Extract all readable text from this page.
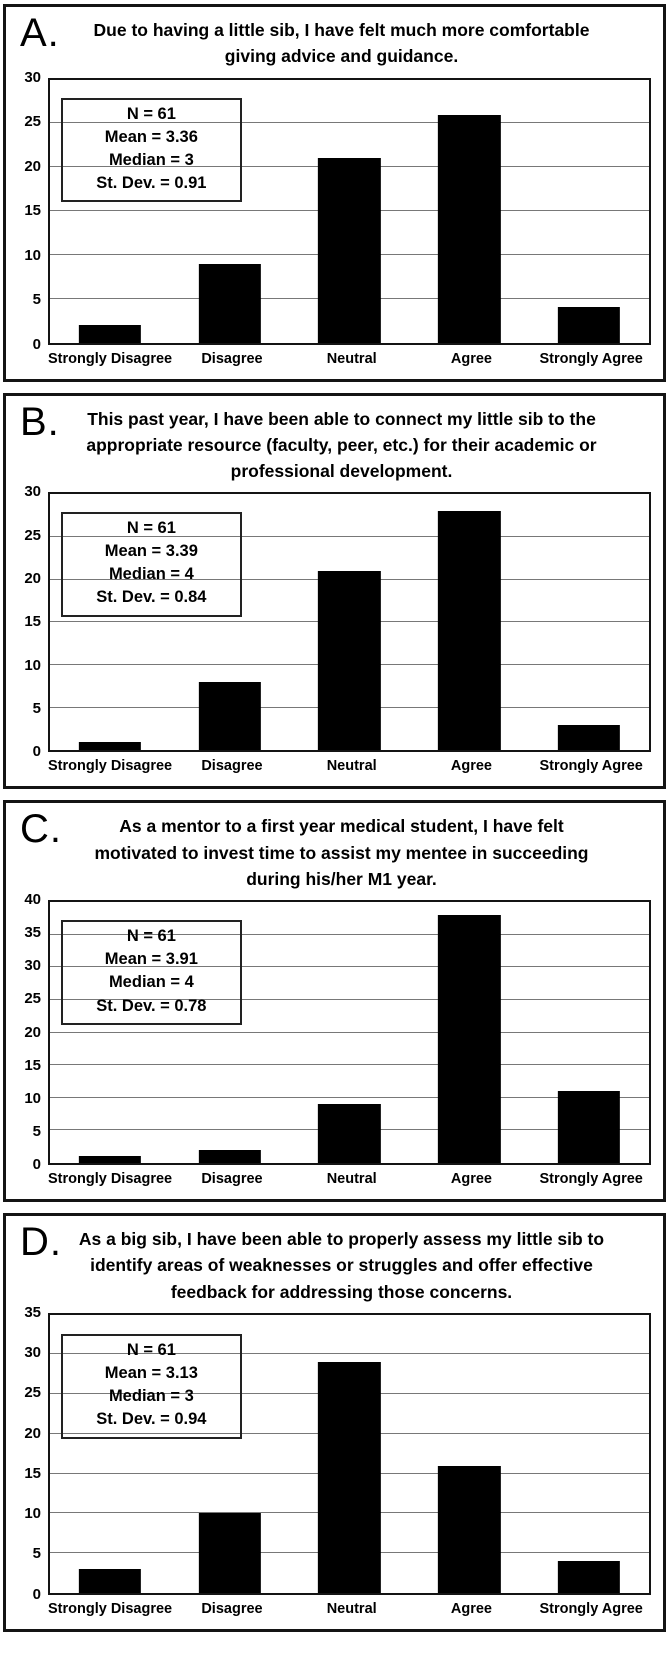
A.	Due to having a little sib, I have felt much more comfortable giving advice and guidance.
0
5
10
15
20
25
30
N = 61
Mean = 3.36
Median = 3
St. Dev. = 0.91
Strongly Disagree	Disagree	Neutral	Agree	Strongly Agree
B.	This past year, I have been able to connect my little sib to the appropriate resource (faculty, peer, etc.) for their academic or professional development.
0
5
10
15
20
25
30
N = 61
Mean = 3.39
Median = 4
St. Dev. = 0.84
Strongly Disagree	Disagree	Neutral	Agree	Strongly Agree
C.	As a mentor to a first year medical student, I have felt motivated to invest time to assist my mentee in succeeding during his/her M1 year.
0
5
10
15
20
25
30
35
40
N = 61
Mean = 3.91
Median = 4
St. Dev. = 0.78
Strongly Disagree	Disagree	Neutral	Agree	Strongly Agree
D. As a big sib, I have been able to properly assess my little sib to identify areas of weaknesses or struggles and offer effective feedback for addressing those concerns.
0
5
10
15
20
25
30
35
N = 61
Mean = 3.13
Median = 3
St. Dev. = 0.94
Strongly Disagree	Disagree	Neutral	Agree	Strongly Agree
